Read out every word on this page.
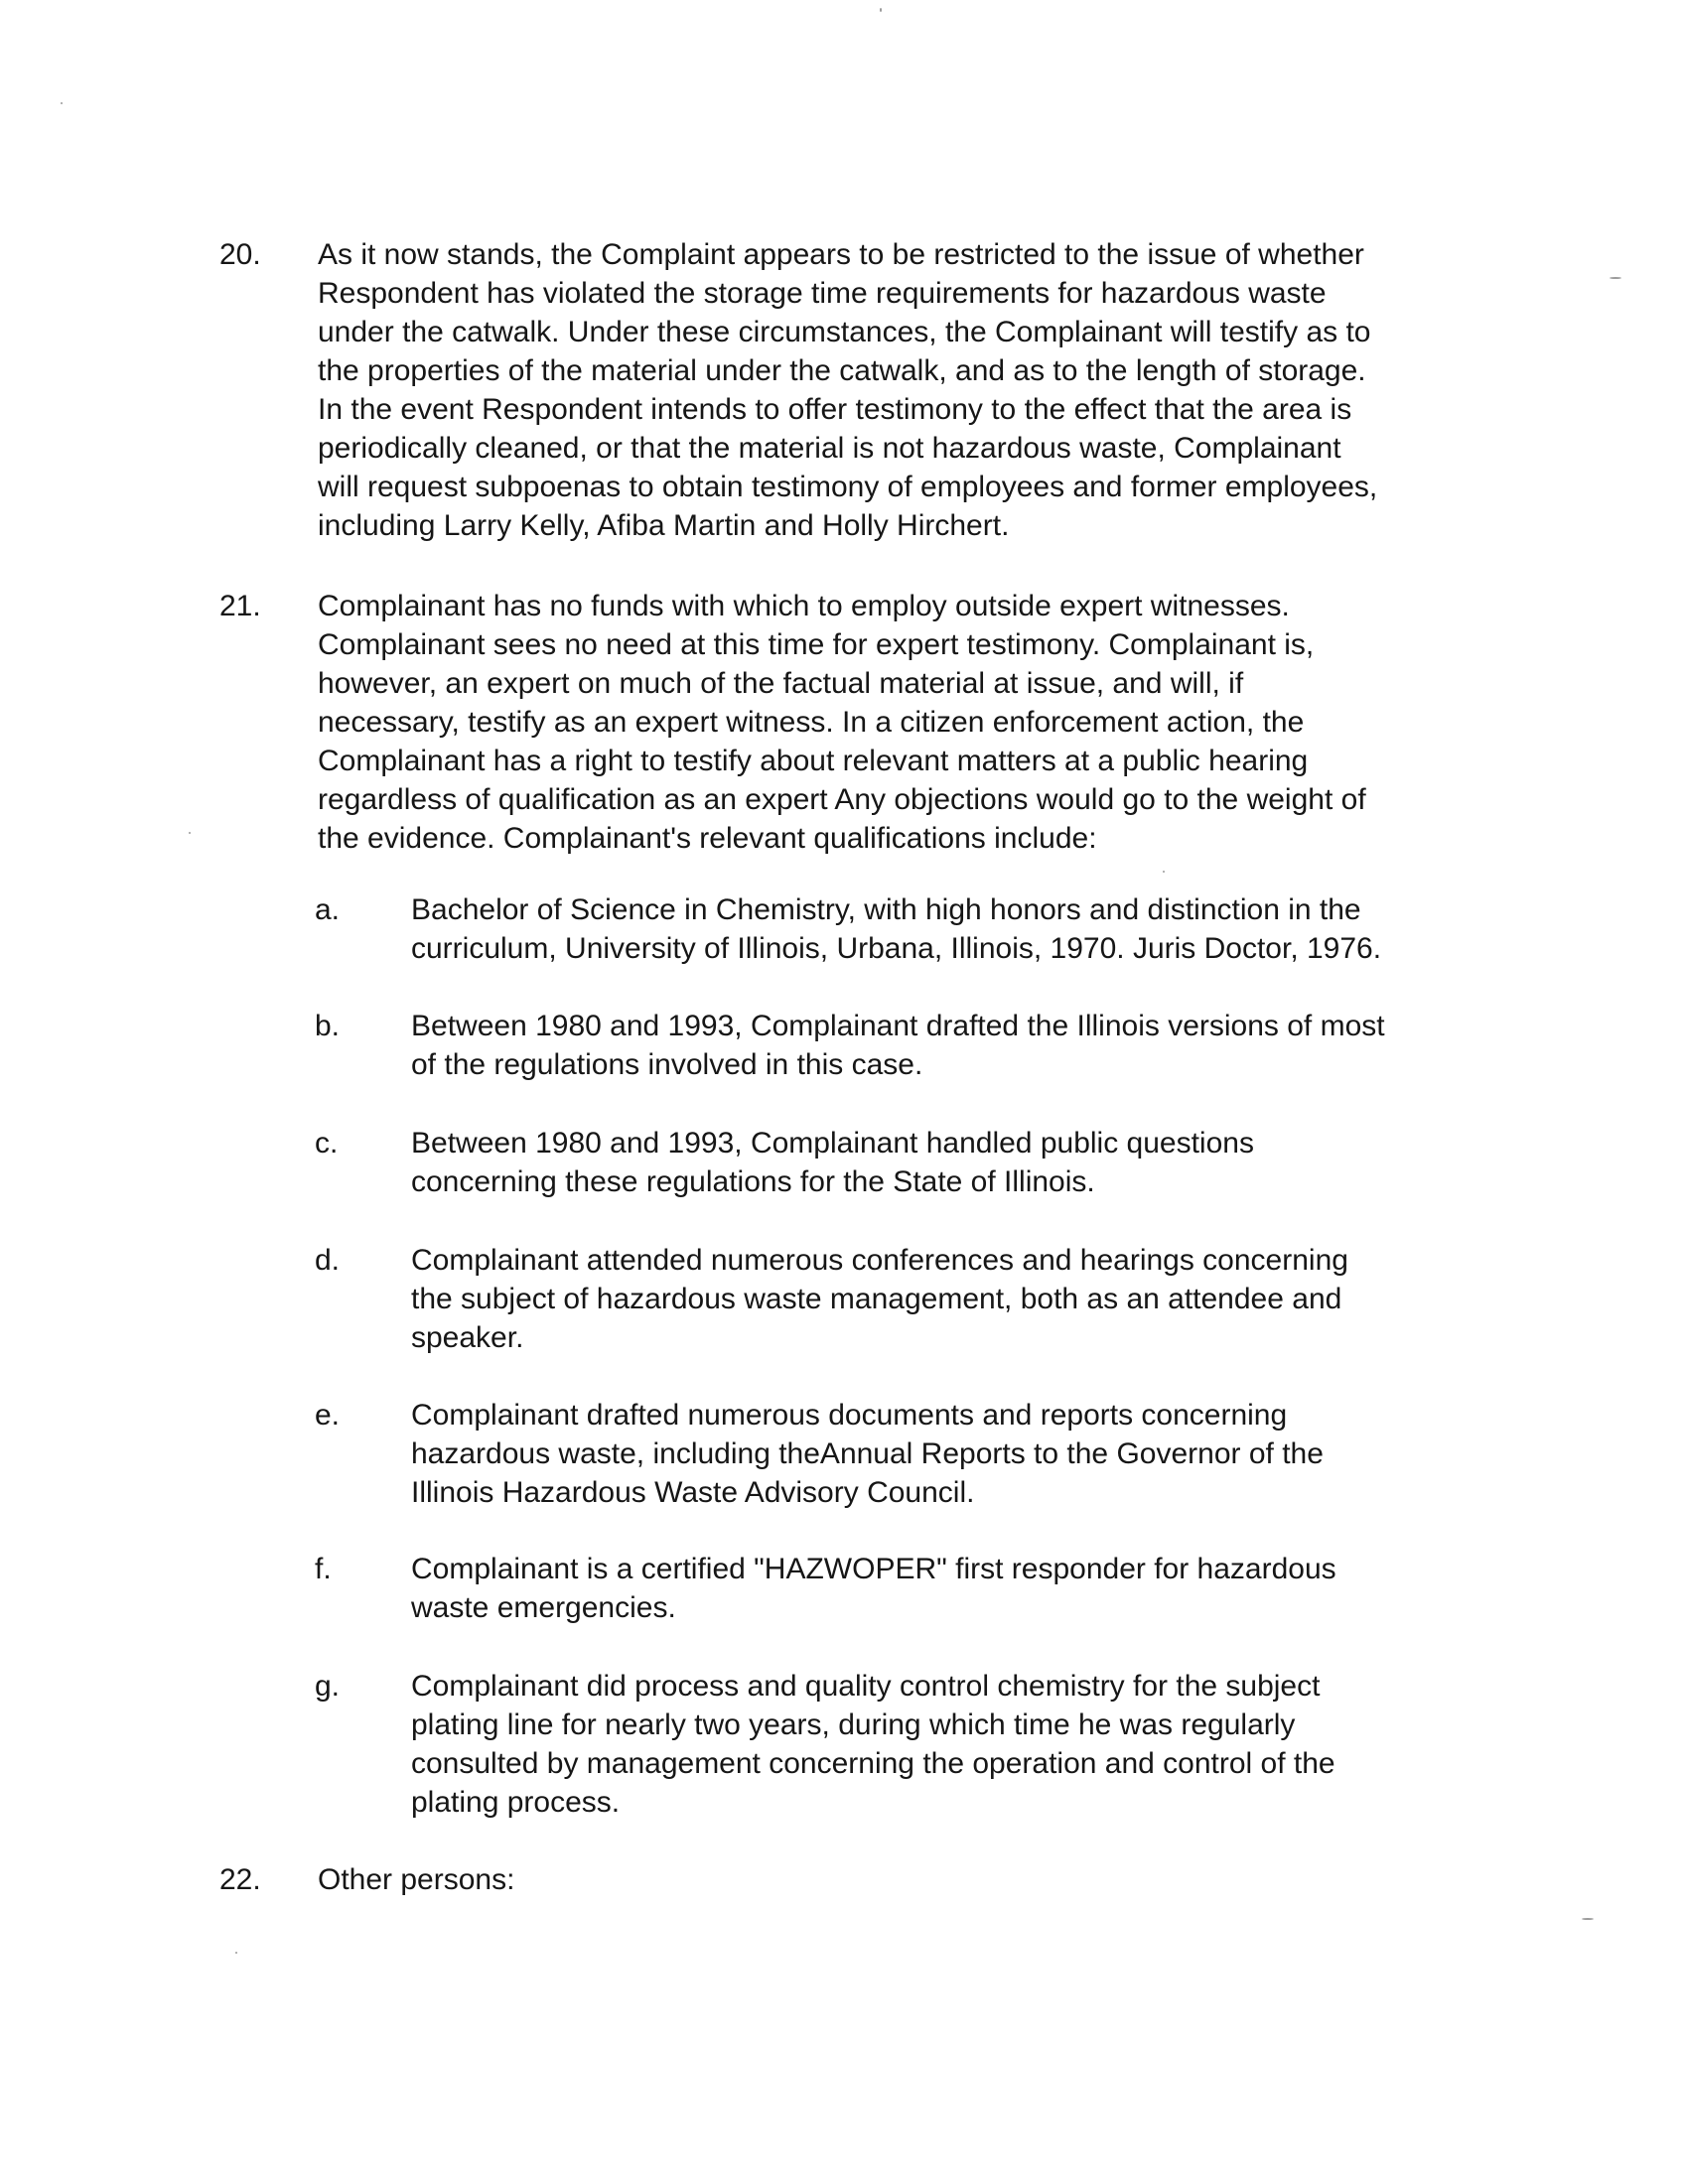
20. As it now stands, the Complaint appears to be restricted to the issue of whether
Respondent has violated the storage time requirements for hazardous waste
under the catwalk. Under these circumstances, the Complainant will testify as to
the properties of the material under the catwalk, and as to the length of storage.
In the event Respondent intends to offer testimony to the effect that the area is
periodically cleaned, or that the material is not hazardous waste, Complainant
will request subpoenas to obtain testimony of employees and former employees,
including Larry Kelly, Afiba Martin and Holly Hirchert.
21. Complainant has no funds with which to employ outside expert witnesses.
Complainant sees no need at this time for expert testimony. Complainant is,
however, an expert on much of the factual material at issue, and will, if
necessary, testify as an expert witness. In a citizen enforcement action, the
Complainant has a right to testify about relevant matters at a public hearing
regardless of qualification as an expert Any objections would go to the weight of
the evidence. Complainant's relevant qualifications include:
a. Bachelor of Science in Chemistry, with high honors and distinction in the
curriculum, University of Illinois, Urbana, Illinois, 1970. Juris Doctor, 1976.
b. Between 1980 and 1993, Complainant drafted the Illinois versions of most
of the regulations involved in this case.
c. Between 1980 and 1993, Complainant handled public questions
concerning these regulations for the State of Illinois.
d. Complainant attended numerous conferences and hearings concerning
the subject of hazardous waste management, both as an attendee and
speaker.
e. Complainant drafted numerous documents and reports concerning
hazardous waste, including theAnnual Reports to the Governor of the
Illinois Hazardous Waste Advisory Council.
f.	Complainant is a certified "HAZWOPER" first responder for hazardous
waste emergencies.
g. Complainant did process and quality control chemistry for the subject
plating line for nearly two years, during which time he was regularly
consulted by management concerning the operation and control of the
plating process.
22. Other persons:
